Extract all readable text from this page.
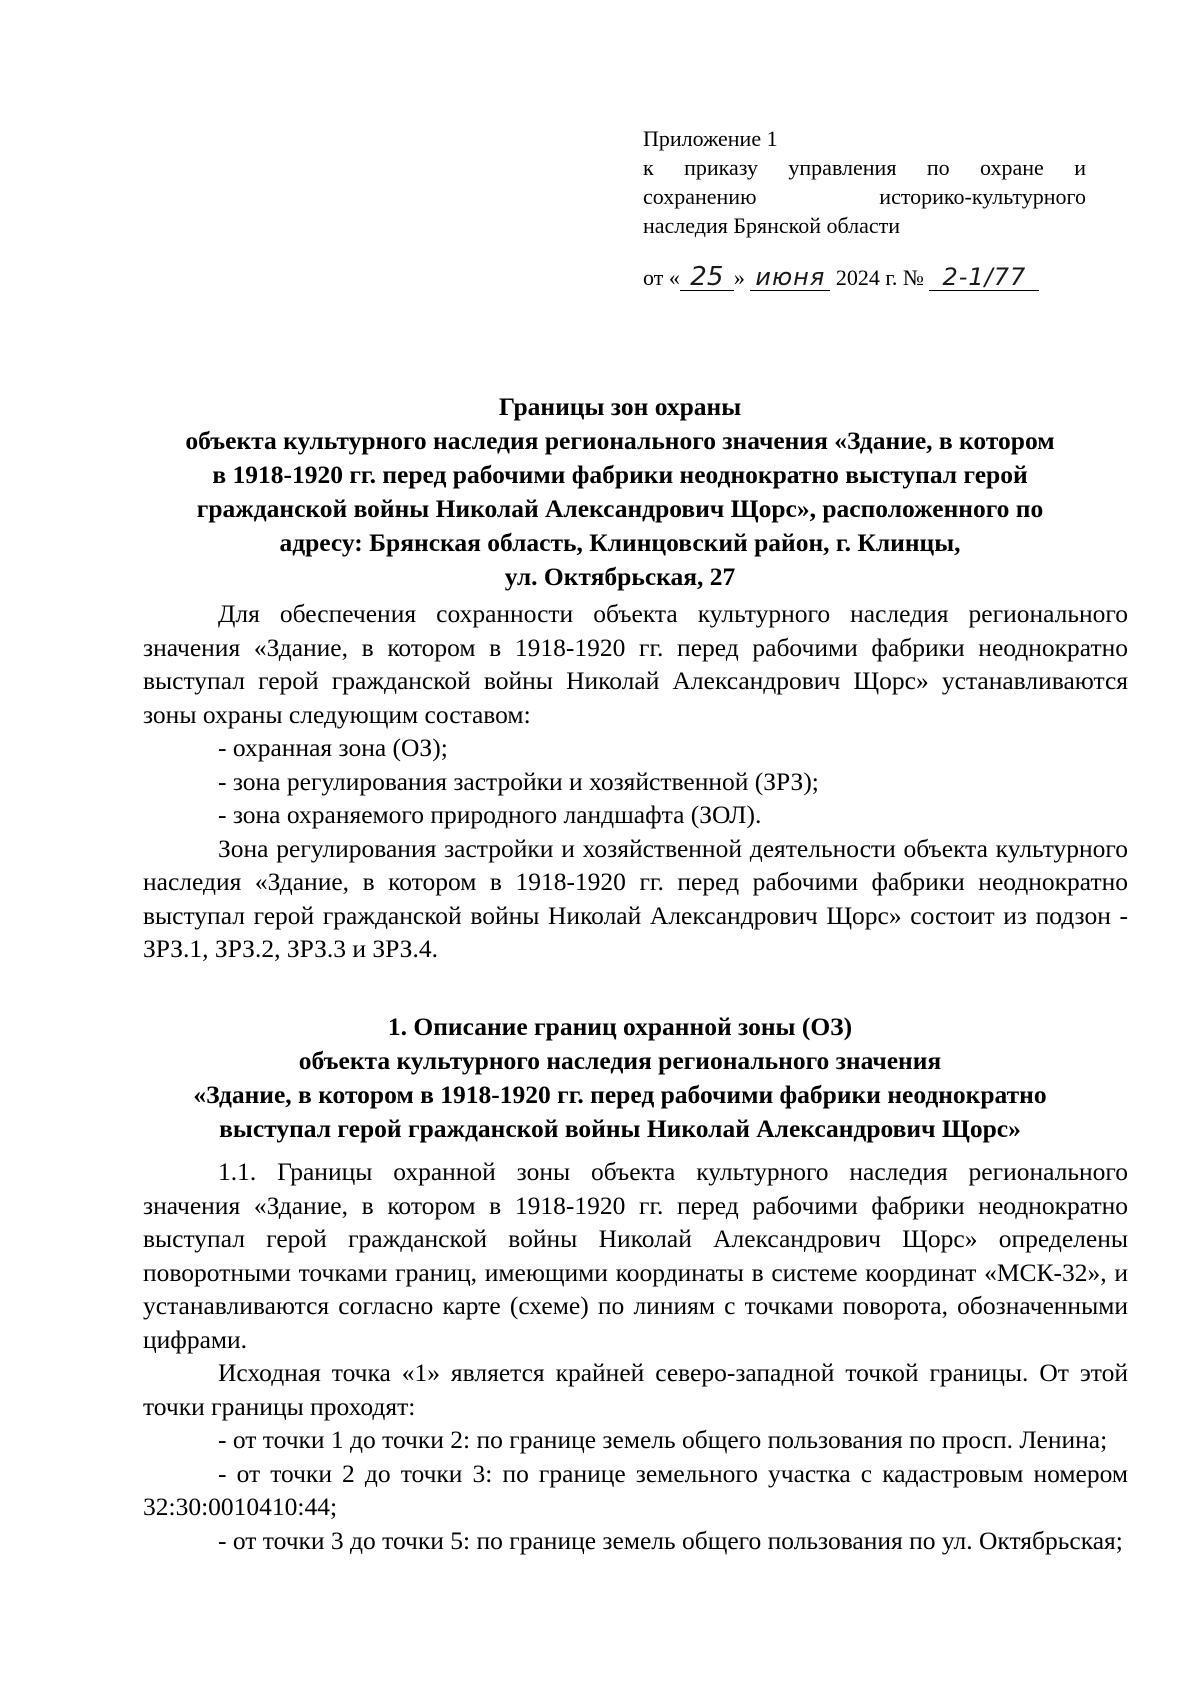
Приложение 1
к приказу управления по охране и
сохранению историко-культурного
наследия Брянской области
от « 25 » июня 2024 г. № 2-1/77
Границы зон охраны
объекта культурного наследия регионального значения «Здание, в котором
в 1918-1920 гг. перед рабочими фабрики неоднократно выступал герой
гражданской войны Николай Александрович Щорс», расположенного по
адресу: Брянская область, Клинцовский район, г. Клинцы,
ул. Октябрьская, 27

Для обеспечения сохранности объекта культурного наследия регионального значения «Здание, в котором в 1918-1920 гг. перед рабочими фабрики неоднократно выступал герой гражданской войны Николай Александрович Щорс» устанавливаются зоны охраны следующим составом:

- охранная зона (ОЗ);

- зона регулирования застройки и хозяйственной (ЗРЗ);

- зона охраняемого природного ландшафта (ЗОЛ).

Зона регулирования застройки и хозяйственной деятельности объекта культурного наследия «Здание, в котором в 1918-1920 гг. перед рабочими фабрики неоднократно выступал герой гражданской войны Николай Александрович Щорс» состоит из подзон - ЗРЗ.1, ЗРЗ.2, ЗРЗ.3 и ЗРЗ.4.

1. Описание границ охранной зоны (ОЗ)
объекта культурного наследия регионального значения
«Здание, в котором в 1918-1920 гг. перед рабочими фабрики неоднократно
выступал герой гражданской войны Николай Александрович Щорс»

1.1. Границы охранной зоны объекта культурного наследия регионального значения «Здание, в котором в 1918-1920 гг. перед рабочими фабрики неоднократно выступал герой гражданской войны Николай Александрович Щорс» определены поворотными точками границ, имеющими координаты в системе координат «МСК-32», и устанавливаются согласно карте (схеме) по линиям с точками поворота, обозначенными цифрами.

Исходная точка «1» является крайней северо-западной точкой границы. От этой точки границы проходят:

- от точки 1 до точки 2: по границе земель общего пользования по просп. Ленина;

- от точки 2 до точки 3: по границе земельного участка с кадастровым номером 32:30:0010410:44;

- от точки 3 до точки 5: по границе земель общего пользования по ул. Октябрьская;
